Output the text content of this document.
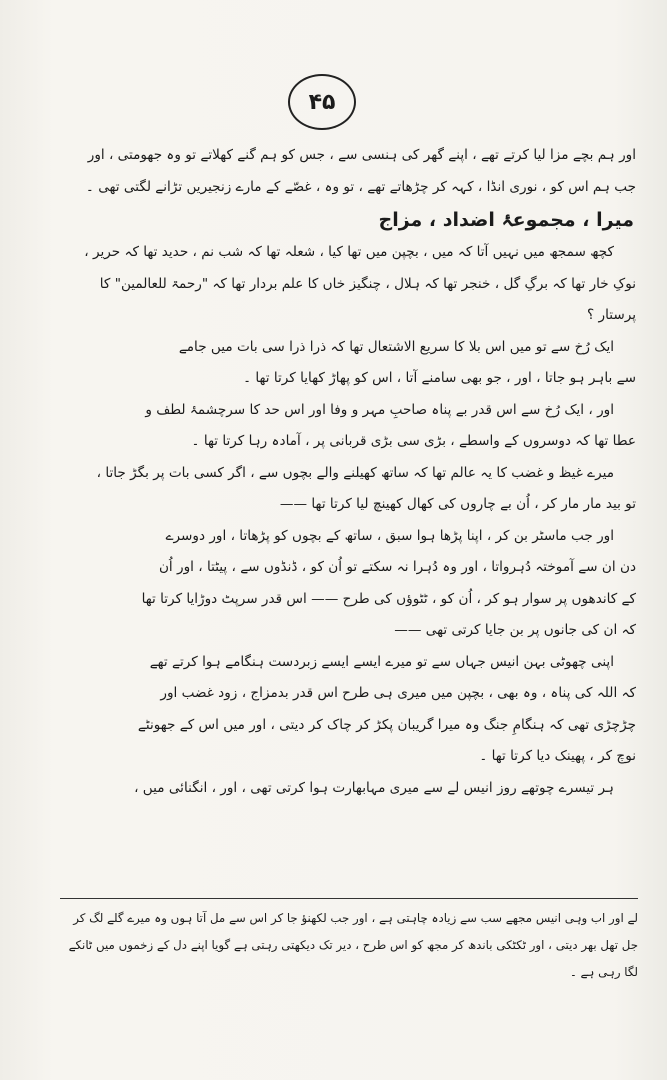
۴۵
اور ہم بچے مزا لیا کرتے تھے ، اپنے گھر کی ہنسی سے ، جس کو ہم گنے کھلاتے تو وہ جھومتی ، اور
جب ہم اس کو ، نوری انڈا ، کہہ کر چڑھاتے تھے ، تو وہ ، غصّے کے مارے زنجیریں تڑانے لگتی تھی ۔
میرا ، مجموعۂ اضداد ، مزاج
کچھ سمجھ میں نہیں آتا کہ میں ، بچپن میں تھا کیا ، شعلہ تھا کہ شب نم ، حدید تھا کہ حریر ،
نوکِ خار تھا کہ برگِ گل ، خنجر تھا کہ ہلال ، چنگیز خاں کا علم بردار تھا کہ "رحمۃ للعالمین" کا
پرستار ؟
ایک رُخ سے تو میں اس بلا کا سریع الاشتعال تھا کہ ذرا ذرا سی بات میں جامے
سے باہر ہو جاتا ، اور ، جو بھی سامنے آتا ، اس کو پھاڑ کھایا کرتا تھا ۔
اور ، ایک رُخ سے اس قدر بے پناہ صاحبِ مہر و وفا اور اس حد کا سرچشمۂ لطف و
عطا تھا کہ دوسروں کے واسطے ، بڑی سی بڑی قربانی پر ، آمادہ رہا کرتا تھا ۔
میرے غیظ و غضب کا یہ عالم تھا کہ ساتھ کھیلنے والے بچوں سے ، اگر کسی بات پر بگڑ جاتا ،
تو بید مار مار کر ، اُن بے چاروں کی کھال کھینچ لیا کرتا تھا ——
اور جب ماسٹر بن کر ، اپنا پڑھا ہوا سبق ، ساتھ کے بچوں کو پڑھاتا ، اور دوسرے
دن ان سے آموختہ دُہرواتا ، اور وہ دُہرا نہ سکتے تو اُن کو ، ڈنڈوں سے ، پیٹتا ، اور اُن
کے کاندھوں پر سوار ہو کر ، اُن کو ، ٹٹوؤں کی طرح —— اس قدر سرپٹ دوڑایا کرتا تھا
کہ ان کی جانوں پر بن جایا کرتی تھی ——
اپنی چھوٹی بہن انیس جہاں سے تو میرے ایسے ایسے زبردست ہنگامے ہوا کرتے تھے
کہ اللہ کی پناہ ، وہ بھی ، بچپن میں میری ہی طرح اس قدر بدمزاج ، زود غضب اور
چڑچڑی تھی کہ ہنگامِ جنگ وہ میرا گریبان پکڑ کر چاک کر دیتی ، اور میں اس کے جھونٹے
نوچ کر ، پھینک دیا کرتا تھا ۔
ہر تیسرے چوتھے روز انیس لے سے میری مہابھارت ہوا کرتی تھی ، اور ، انگنائی میں ،
لے اور اب وہی انیس مجھے سب سے زیادہ چاہتی ہے ، اور جب لکھنؤ جا کر اس سے مل آتا ہوں وہ میرے گلے لگ کر
جل تھل بھر دیتی ، اور ٹکٹکی باندھ کر مجھ کو اس طرح ، دیر تک دیکھتی رہتی ہے گویا اپنے دل کے زخموں میں ٹانکے
لگا رہی ہے ۔
